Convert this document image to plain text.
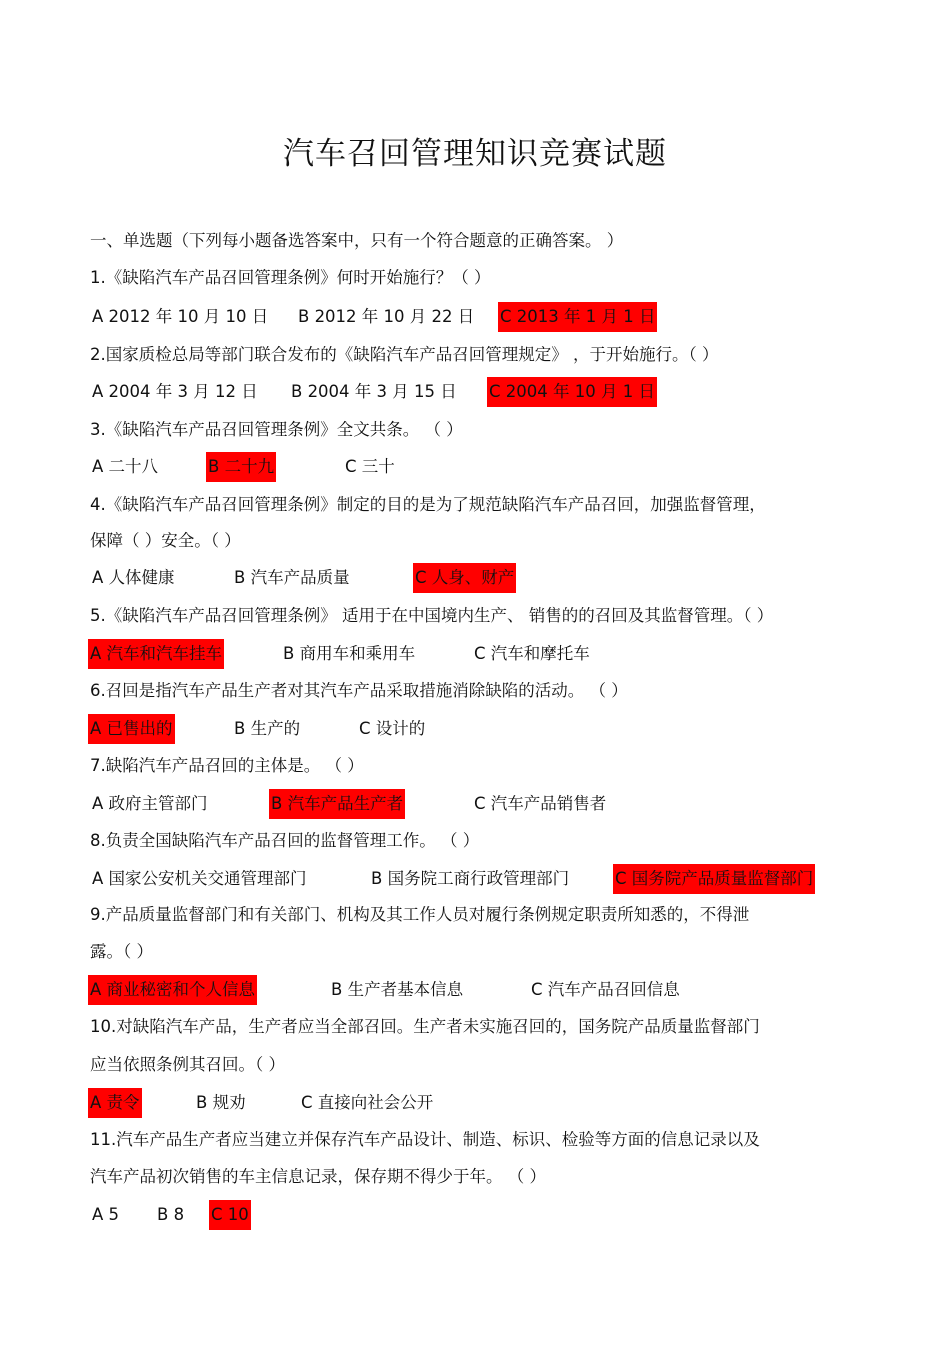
汽车召回管理知识竞赛试题
一、单选题（下列每小题备选答案中，只有一个符合题意的正确答案。 ）
1.《缺陷汽车产品召回管理条例》何时开始施行？（ ）
A 2012 年 10 月 10 日 B 2012 年 10 月 22 日 C 2013 年 1 月 1 日
2.国家质检总局等部门联合发布的《缺陷汽车产品召回管理规定》 ，于开始施行。（ ）
A 2004 年 3 月 12 日 B 2004 年 3 月 15 日 C 2004 年 10 月 1 日
3.《缺陷汽车产品召回管理条例》全文共条。 （ ）
A 二十八	B 二十九	C 三十
4.《缺陷汽车产品召回管理条例》制定的目的是为了规范缺陷汽车产品召回，加强监督管理，
保障（ ）安全。（ ）
A 人体健康	B 汽车产品质量	C 人身、财产
5.《缺陷汽车产品召回管理条例》 适用于在中国境内生产、 销售的的召回及其监督管理。（ ）
A 汽车和汽车挂车	B 商用车和乘用车	C 汽车和摩托车
6.召回是指汽车产品生产者对其汽车产品采取措施消除缺陷的活动。 （ ）
A 已售出的	B 生产的	C 设计的
7.缺陷汽车产品召回的主体是。 （ ）
A 政府主管部门	B 汽车产品生产者	C 汽车产品销售者
8.负责全国缺陷汽车产品召回的监督管理工作。 （ ）
A 国家公安机关交通管理部门	B 国务院工商行政管理部门	C 国务院产品质量监督部门
9.产品质量监督部门和有关部门、机构及其工作人员对履行条例规定职责所知悉的，不得泄
露。（ ）
A 商业秘密和个人信息	B 生产者基本信息	C 汽车产品召回信息
10.对缺陷汽车产品，生产者应当全部召回。生产者未实施召回的，国务院产品质量监督部门
应当依照条例其召回。（ ）
A 责令	B 规劝	C 直接向社会公开
11.汽车产品生产者应当建立并保存汽车产品设计、制造、标识、检验等方面的信息记录以及
汽车产品初次销售的车主信息记录，保存期不得少于年。 （ ）
A 5 B 8 C 10
